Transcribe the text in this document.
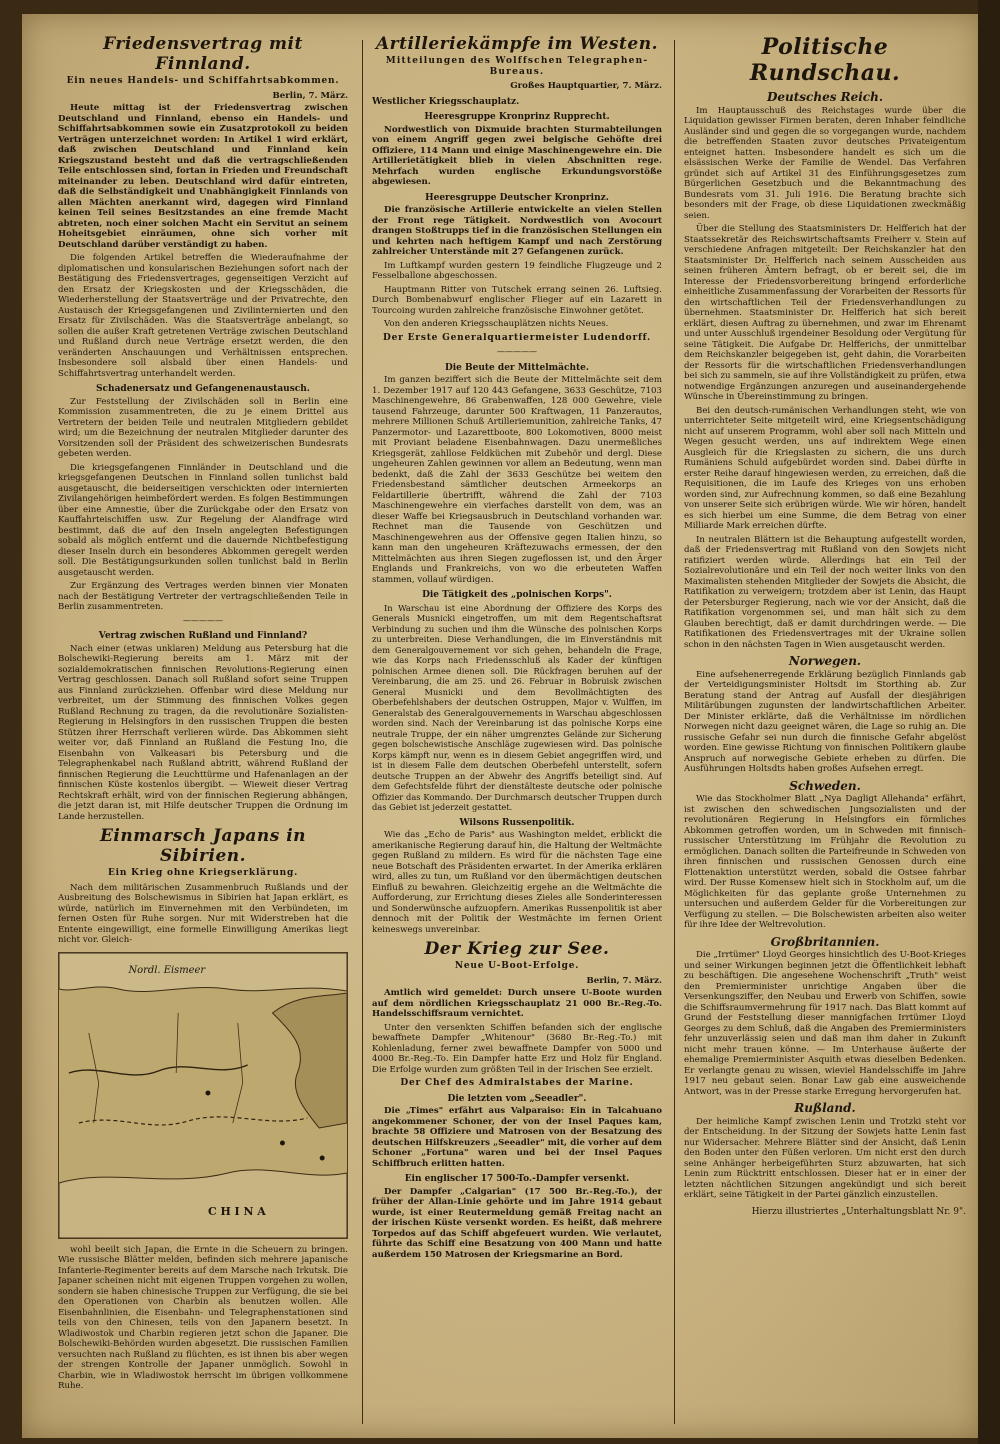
Friedensvertrag mit Finnland.
Ein neues Handels- und Schiffahrtsabkommen.
Berlin, 7. März.

Heute mittag ist der Friedensvertrag zwischen Deutschland und Finnland, ebenso ein Handels- und Schiffahrtsabkommen sowie ein Zusatzprotokoll zu beiden Verträgen unterzeichnet worden: In Artikel 1 wird erklärt, daß zwischen Deutschland und Finnland kein Kriegszustand besteht und daß die vertragschließenden Teile entschlossen sind, fortan in Frieden und Freundschaft miteinander zu leben. Deutschland wird dafür eintreten, daß die Selbständigkeit und Unabhängigkeit Finnlands von allen Mächten anerkannt wird, dagegen wird Finnland keinen Teil seines Besitzstandes an eine fremde Macht abtreten, noch einer solchen Macht ein Servitut an seinem Hoheitsgebiet einräumen, ohne sich vorher mit Deutschland darüber verständigt zu haben.

Die folgenden Artikel betreffen die Wiederaufnahme der diplomatischen und konsularischen Beziehungen sofort nach der Bestätigung des Friedensvertrages, gegenseitigen Verzicht auf den Ersatz der Kriegskosten und der Kriegsschäden, die Wiederherstellung der Staatsverträge und der Privatrechte, den Austausch der Kriegsgefangenen und Zivilinternierten und den Ersatz für Zivilschäden. Was die Staatsverträge anbelangt, so sollen die außer Kraft getretenen Verträge zwischen Deutschland und Rußland durch neue Verträge ersetzt werden, die den veränderten Anschauungen und Verhältnissen entsprechen. Insbesondere soll alsbald über einen Handels- und Schiffahrtsvertrag unterhandelt werden.

Schadenersatz und Gefangenenaustausch.

Zur Feststellung der Zivilschäden soll in Berlin eine Kommission zusammentreten, die zu je einem Drittel aus Vertretern der beiden Teile und neutralen Mitgliedern gebildet wird; um die Bezeichnung der neutralen Mitglieder darunter des Vorsitzenden soll der Präsident des schweizerischen Bundesrats gebeten werden.

Die kriegsgefangenen Finnländer in Deutschland und die kriegsgefangenen Deutschen in Finnland sollen tunlichst bald ausgetauscht, die beiderseitigen verschickten oder internierten Zivilangehörigen heimbefördert werden. Es folgen Bestimmungen über eine Amnestie, über die Zurückgabe oder den Ersatz von Kauffahrteischiffen usw. Zur Regelung der Alandfrage wird bestimmt, daß die auf den Inseln angelegten Befestigungen sobald als möglich entfernt und die dauernde Nichtbefestigung dieser Inseln durch ein besonderes Abkommen geregelt werden soll. Die Bestätigungsurkunden sollen tunlichst bald in Berlin ausgetauscht werden.

Zur Ergänzung des Vertrages werden binnen vier Monaten nach der Bestätigung Vertreter der vertragschließenden Teile in Berlin zusammentreten.

—————
Vertrag zwischen Rußland und Finnland?

Nach einer (etwas unklaren) Meldung aus Petersburg hat die Bolschewiki-Regierung bereits am 1. März mit der sozialdemokratischen finnischen Revolutions-Regierung einen Vertrag geschlossen. Danach soll Rußland sofort seine Truppen aus Finnland zurückziehen. Offenbar wird diese Meldung nur verbreitet, um der Stimmung des finnischen Volkes gegen Rußland Rechnung zu tragen, da die revolutionäre Sozialisten-Regierung in Helsingfors in den russischen Truppen die besten Stützen ihrer Herrschaft verlieren würde. Das Abkommen sieht weiter vor, daß Finnland an Rußland die Festung Ino, die Eisenbahn von Valkeasari bis Petersburg und die Telegraphenkabel nach Rußland abtritt, während Rußland der finnischen Regierung die Leuchttürme und Hafenanlagen an der finnischen Küste kostenlos übergibt. — Wieweit dieser Vertrag Rechtskraft erhält, wird von der finnischen Regierung abhängen, die jetzt daran ist, mit Hilfe deutscher Truppen die Ordnung im Lande herzustellen.

Einmarsch Japans in Sibirien.
Ein Krieg ohne Kriegserklärung.

Nach dem militärischen Zusammenbruch Rußlands und der Ausbreitung des Bolschewismus in Sibirien hat Japan erklärt, es würde, natürlich im Einvernehmen mit den Verbündeten, im fernen Osten für Ruhe sorgen. Nur mit Widerstreben hat die Entente eingewilligt, eine formelle Einwilligung Amerikas liegt nicht vor. Gleich-

Nordl. Eismeer
C H I N A

wohl beeilt sich Japan, die Ernte in die Scheuern zu bringen. Wie russische Blätter melden, befinden sich mehrere japanische Infanterie-Regimenter bereits auf dem Marsche nach Irkutsk. Die Japaner scheinen nicht mit eigenen Truppen vorgehen zu wollen, sondern sie haben chinesische Truppen zur Verfügung, die sie bei den Operationen von Charbin als benutzen wollen. Alle Eisenbahnlinien, die Eisenbahn- und Telegraphenstationen sind teils von den Chinesen, teils von den Japanern besetzt. In Wladiwostok und Charbin regieren jetzt schon die Japaner. Die Bolschewiki-Behörden wurden abgesetzt. Die russischen Familien versuchten nach Rußland zu flüchten, es ist ihnen bis aber wegen der strengen Kontrolle der Japaner unmöglich. Sowohl in Charbin, wie in Wladiwostok herrscht im übrigen vollkommene Ruhe.

Artilleriekämpfe im Westen.
Mitteilungen des Wolffschen Telegraphen-Bureaus.
Großes Hauptquartier, 7. März.
Westlicher Kriegsschauplatz.
Heeresgruppe Kronprinz Rupprecht.

Nordwestlich von Dixmuide brachten Sturmabteilungen von einem Angriff gegen zwei belgische Gehöfte drei Offiziere, 114 Mann und einige Maschinengewehre ein. Die Artillerietätigkeit blieb in vielen Abschnitten rege. Mehrfach wurden englische Erkundungsvorstöße abgewiesen.

Heeresgruppe Deutscher Kronprinz.

Die französische Artillerie entwickelte an vielen Stellen der Front rege Tätigkeit. Nordwestlich von Avocourt drangen Stoßtrupps tief in die französischen Stellungen ein und kehrten nach heftigem Kampf und nach Zerstörung zahlreicher Unterstände mit 27 Gefangenen zurück.

Im Luftkampf wurden gestern 19 feindliche Flugzeuge und 2 Fesselballone abgeschossen.

Hauptmann Ritter von Tutschek errang seinen 26. Luftsieg. Durch Bombenabwurf englischer Flieger auf ein Lazarett in Tourcoing wurden zahlreiche französische Einwohner getötet.

Von den anderen Kriegsschauplätzen nichts Neues.

Der Erste Generalquartiermeister Ludendorff.
—————
Die Beute der Mittelmächte.

Im ganzen beziffert sich die Beute der Mittelmächte seit dem 1. Dezember 1917 auf 120 443 Gefangene, 3633 Geschütze, 7103 Maschinengewehre, 86 Grabenwaffen, 128 000 Gewehre, viele tausend Fahrzeuge, darunter 500 Kraftwagen, 11 Panzerautos, mehrere Millionen Schuß Artilleriemunition, zahlreiche Tanks, 47 Panzermotor- und Lazarettboote, 800 Lokomotiven, 8000 meist mit Proviant beladene Eisenbahnwagen. Dazu unermeßliches Kriegsgerät, zahllose Feldküchen mit Zubehör und dergl. Diese ungeheuren Zahlen gewinnen vor allem an Bedeutung, wenn man bedenkt, daß die Zahl der 3633 Geschütze bei weitem den Friedensbestand sämtlicher deutschen Armeekorps an Feldartillerie übertrifft, während die Zahl der 7103 Maschinengewehre ein vierfaches darstellt von dem, was an dieser Waffe bei Kriegsausbruch in Deutschland vorhanden war. Rechnet man die Tausende von Geschützen und Maschinengewehren aus der Offensive gegen Italien hinzu, so kann man den ungeheuren Kräftezuwachs ermessen, der den Mittelmächten aus ihren Siegen zugeflossen ist, und den Ärger Englands und Frankreichs, von wo die erbeuteten Waffen stammen, vollauf würdigen.

Die Tätigkeit des „polnischen Korps".

In Warschau ist eine Abordnung der Offiziere des Korps des Generals Musnicki eingetroffen, um mit dem Regentschaftsrat Verbindung zu suchen und ihm die Wünsche des polnischen Korps zu unterbreiten. Diese Verhandlungen, die im Einverständnis mit dem Generalgouvernement vor sich gehen, behandeln die Frage, wie das Korps nach Friedensschluß als Kader der künftigen polnischen Armee dienen soll. Die Rückfragen beruhen auf der Vereinbarung, die am 25. und 26. Februar in Bobruisk zwischen General Musnicki und dem Bevollmächtigten des Oberbefehlshabers der deutschen Ostruppen, Major v. Wulffen, im Generalstab des Generalgouvernements in Warschau abgeschlossen worden sind. Nach der Vereinbarung ist das polnische Korps eine neutrale Truppe, der ein näher umgrenztes Gelände zur Sicherung gegen bolschewistische Anschläge zugewiesen wird. Das polnische Korps kämpft nur, wenn es in diesem Gebiet angegriffen wird, und ist in diesem Falle dem deutschen Oberbefehl unterstellt, sofern deutsche Truppen an der Abwehr des Angriffs beteiligt sind. Auf dem Gefechtsfelde führt der dienstälteste deutsche oder polnische Offizier das Kommando. Der Durchmarsch deutscher Truppen durch das Gebiet ist jederzeit gestattet.

Wilsons Russenpolitik.

Wie das „Echo de Paris" aus Washington meldet, erblickt die amerikanische Regierung darauf hin, die Haltung der Weltmächte gegen Rußland zu mildern. Es wird für die nächsten Tage eine neue Botschaft des Präsidenten erwartet. In der Amerika erklären wird, alles zu tun, um Rußland vor den übermächtigen deutschen Einfluß zu bewahren. Gleichzeitig ergehe an die Weltmächte die Aufforderung, zur Errichtung dieses Zieles alle Sonderinteressen und Sonderwünsche aufzuopfern. Amerikas Russenpolitik ist aber dennoch mit der Politik der Westmächte im fernen Orient keineswegs unvereinbar.

Der Krieg zur See.
Neue U-Boot-Erfolge.
Berlin, 7. März.

Amtlich wird gemeldet: Durch unsere U-Boote wurden auf dem nördlichen Kriegsschauplatz 21 000 Br.-Reg.-To. Handelsschiffsraum vernichtet.

Unter den versenkten Schiffen befanden sich der englische bewaffnete Dampfer „Whitenour" (3680 Br.-Reg.-To.) mit Kohlenladung, ferner zwei bewaffnete Dampfer von 5000 und 4000 Br.-Reg.-To. Ein Dampfer hatte Erz und Holz für England. Die Erfolge wurden zum größten Teil in der Irischen See erzielt.

Der Chef des Admiralstabes der Marine.
Die letzten vom „Seeadler".

Die „Times" erfährt aus Valparaiso: Ein in Talcahuano angekommener Schoner, der von der Insel Paques kam, brachte 58 Offiziere und Matrosen von der Besatzung des deutschen Hilfskreuzers „Seeadler" mit, die vorher auf dem Schoner „Fortuna" waren und bei der Insel Paques Schiffbruch erlitten hatten.

Ein englischer 17 500-To.-Dampfer versenkt.

Der Dampfer „Calgarian" (17 500 Br.-Reg.-To.), der früher der Allan-Linie gehörte und im Jahre 1914 gebaut wurde, ist einer Reutermeldung gemäß Freitag nacht an der irischen Küste versenkt worden. Es heißt, daß mehrere Torpedos auf das Schiff abgefeuert wurden. Wie verlautet, führte das Schiff eine Besatzung von 400 Mann und hatte außerdem 150 Matrosen der Kriegsmarine an Bord.

Politische Rundschau.
Deutsches Reich.

Im Hauptausschuß des Reichstages wurde über die Liquidation gewisser Firmen beraten, deren Inhaber feindliche Ausländer sind und gegen die so vorgegangen wurde, nachdem die betreffenden Staaten zuvor deutsches Privateigentum enteignet hatten. Insbesondere handelt es sich um die elsässischen Werke der Familie de Wendel. Das Verfahren gründet sich auf Artikel 31 des Einführungsgesetzes zum Bürgerlichen Gesetzbuch und die Bekanntmachung des Bundesrats vom 31. Juli 1916. Die Beratung brachte sich besonders mit der Frage, ob diese Liquidationen zweckmäßig seien.

Über die Stellung des Staatsministers Dr. Helfferich hat der Staatssekretär des Reichswirtschaftsamts Freiherr v. Stein auf verschiedene Anfragen mitgeteilt: Der Reichskanzler hat den Staatsminister Dr. Helfferich nach seinem Ausscheiden aus seinen früheren Ämtern befragt, ob er bereit sei, die im Interesse der Friedensvorbereitung bringend erforderliche einheitliche Zusammenfassung der Vorarbeiten der Ressorts für den wirtschaftlichen Teil der Friedensverhandlungen zu übernehmen. Staatsminister Dr. Helfferich hat sich bereit erklärt, diesen Auftrag zu übernehmen, und zwar im Ehrenamt und unter Ausschluß irgendeiner Besoldung oder Vergütung für seine Tätigkeit. Die Aufgabe Dr. Helfferichs, der unmittelbar dem Reichskanzler beigegeben ist, geht dahin, die Vorarbeiten der Ressorts für die wirtschaftlichen Friedensverhandlungen bei sich zu sammeln, sie auf ihre Vollständigkeit zu prüfen, etwa notwendige Ergänzungen anzuregen und auseinandergehende Wünsche in Übereinstimmung zu bringen.

Bei den deutsch-rumänischen Verhandlungen steht, wie von unterrichteter Seite mitgeteilt wird, eine Kriegsentschädigung nicht auf unserem Programm, wohl aber soll nach Mitteln und Wegen gesucht werden, uns auf indirektem Wege einen Ausgleich für die Kriegslasten zu sichern, die uns durch Rumäniens Schuld aufgebürdet worden sind. Dabei dürfte in erster Reihe darauf hingewiesen werden, zu erreichen, daß die Requisitionen, die im Laufe des Krieges von uns erhoben worden sind, zur Aufrechnung kommen, so daß eine Bezahlung von unserer Seite sich erübrigen würde. Wie wir hören, handelt es sich hierbei um eine Summe, die dem Betrag von einer Milliarde Mark erreichen dürfte.

In neutralen Blättern ist die Behauptung aufgestellt worden, daß der Friedensvertrag mit Rußland von den Sowjets nicht ratifiziert werden würde. Allerdings hat ein Teil der Sozialrevolutionäre und ein Teil der noch weiter links von den Maximalisten stehenden Mitglieder der Sowjets die Absicht, die Ratifikation zu verweigern; trotzdem aber ist Lenin, das Haupt der Petersburger Regierung, nach wie vor der Ansicht, daß die Ratifikation vorgenommen sei, und man hält sich zu dem Glauben berechtigt, daß er damit durchdringen werde. — Die Ratifikationen des Friedensvertrages mit der Ukraine sollen schon in den nächsten Tagen in Wien ausgetauscht werden.

Norwegen.

Eine aufsehenerregende Erklärung bezüglich Finnlands gab der Verteidigungsminister Holtsdt im Storthing ab. Zur Beratung stand der Antrag auf Ausfall der diesjährigen Militärübungen zugunsten der landwirtschaftlichen Arbeiter. Der Minister erklärte, daß die Verhältnisse im nördlichen Norwegen nicht dazu geeignet wären, die Lage so ruhig an. Die russische Gefahr sei nun durch die finnische Gefahr abgelöst worden. Eine gewisse Richtung von finnischen Politikern glaube Anspruch auf norwegische Gebiete erheben zu dürfen. Die Ausführungen Holtsdts haben großes Aufsehen erregt.

Schweden.

Wie das Stockholmer Blatt „Nya Dagligt Allehanda" erfährt, ist zwischen den schwedischen Jungsozialisten und der revolutionären Regierung in Helsingfors ein förmliches Abkommen getroffen worden, um in Schweden mit finnisch-russischer Unterstützung im Frühjahr die Revolution zu ermöglichen. Danach sollten die Parteifreunde in Schweden von ihren finnischen und russischen Genossen durch eine Flottenaktion unterstützt werden, sobald die Ostsee fahrbar wird. Der Russe Komensew hielt sich in Stockholm auf, um die Möglichkeiten für das geplante große Unternehmen zu untersuchen und außerdem Gelder für die Vorbereitungen zur Verfügung zu stellen. — Die Bolschewisten arbeiten also weiter für ihre Idee der Weltrevolution.

Großbritannien.

Die „Irrtümer" Lloyd Georges hinsichtlich des U-Boot-Krieges und seiner Wirkungen beginnen jetzt die Öffentlichkeit lebhaft zu beschäftigen. Die angesehene Wochenschrift „Truth" weist den Premierminister unrichtige Angaben über die Versenkungsziffer, den Neubau und Erwerb von Schiffen, sowie die Schiffsraumvermehrung für 1917 nach. Das Blatt kommt auf Grund der Feststellung dieser mannigfachen Irrtümer Lloyd Georges zu dem Schluß, daß die Angaben des Premierministers fehr unzuverlässig seien und daß man ihm daher in Zukunft nicht mehr trauen könne. — Im Unterhause äußerte der ehemalige Premierminister Asquith etwas dieselben Bedenken. Er verlangte genau zu wissen, wieviel Handelsschiffe im Jahre 1917 neu gebaut seien. Bonar Law gab eine ausweichende Antwort, was in der Presse starke Erregung hervorgerufen hat.

Rußland.

Der heimliche Kampf zwischen Lenin und Trotzki steht vor der Entscheidung. In der Sitzung der Sowjets hatte Lenin fast nur Widersacher. Mehrere Blätter sind der Ansicht, daß Lenin den Boden unter den Füßen verloren. Um nicht erst den durch seine Anhänger herbeigeführten Sturz abzuwarten, hat sich Lenin zum Rücktritt entschlossen. Dieser hat er in einer der letzten nächtlichen Sitzungen angekündigt und sich bereit erklärt, seine Tätigkeit in der Partei gänzlich einzustellen.

Hierzu illustriertes „Unterhaltungsblatt Nr. 9".
